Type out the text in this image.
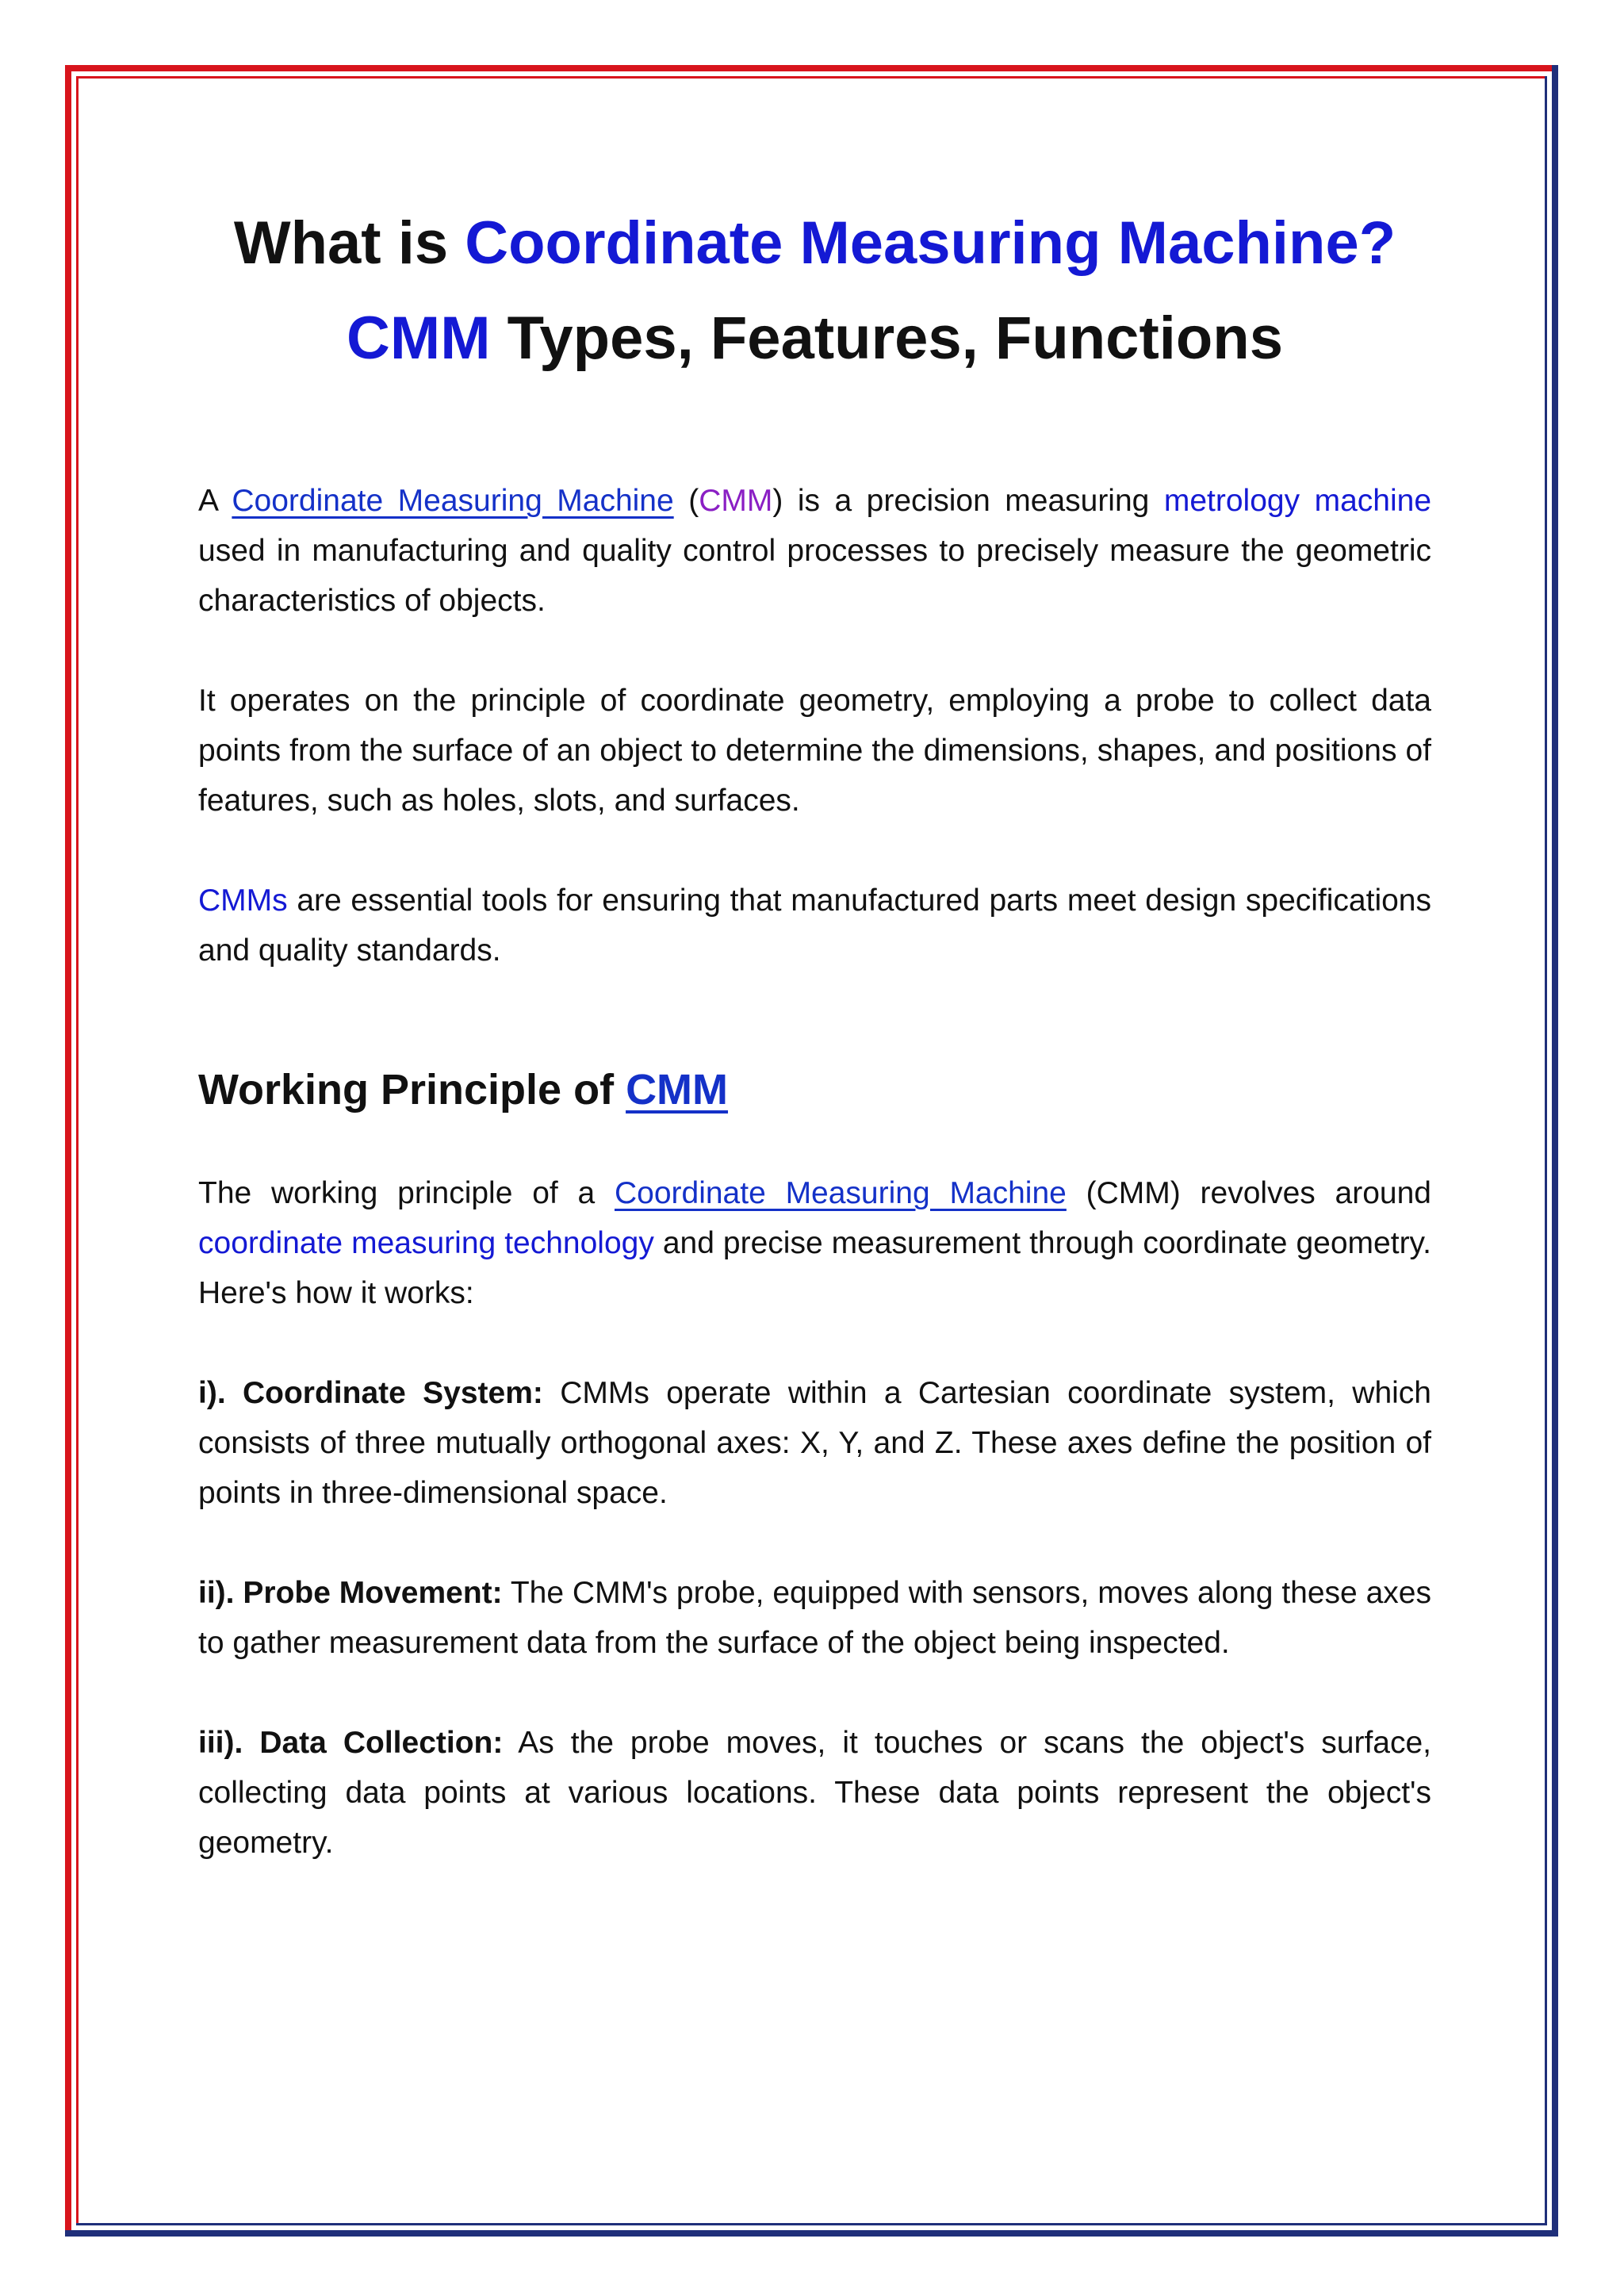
What is Coordinate Measuring Machine?
CMM Types, Features, Functions

A Coordinate Measuring Machine (CMM) is a precision measuring metrology machine used in manufacturing and quality control processes to precisely measure the geometric characteristics of objects.

It operates on the principle of coordinate geometry, employing a probe to collect data points from the surface of an object to determine the dimensions, shapes, and positions of features, such as holes, slots, and surfaces.

CMMs are essential tools for ensuring that manufactured parts meet design specifications and quality standards.

Working Principle of CMM

The working principle of a Coordinate Measuring Machine (CMM) revolves around coordinate measuring technology and precise measurement through coordinate geometry. Here's how it works:

i). Coordinate System: CMMs operate within a Cartesian coordinate system, which consists of three mutually orthogonal axes: X, Y, and Z. These axes define the position of points in three-dimensional space.

ii). Probe Movement: The CMM's probe, equipped with sensors, moves along these axes to gather measurement data from the surface of the object being inspected.

iii). Data Collection: As the probe moves, it touches or scans the object's surface, collecting data points at various locations. These data points represent the object's geometry.
